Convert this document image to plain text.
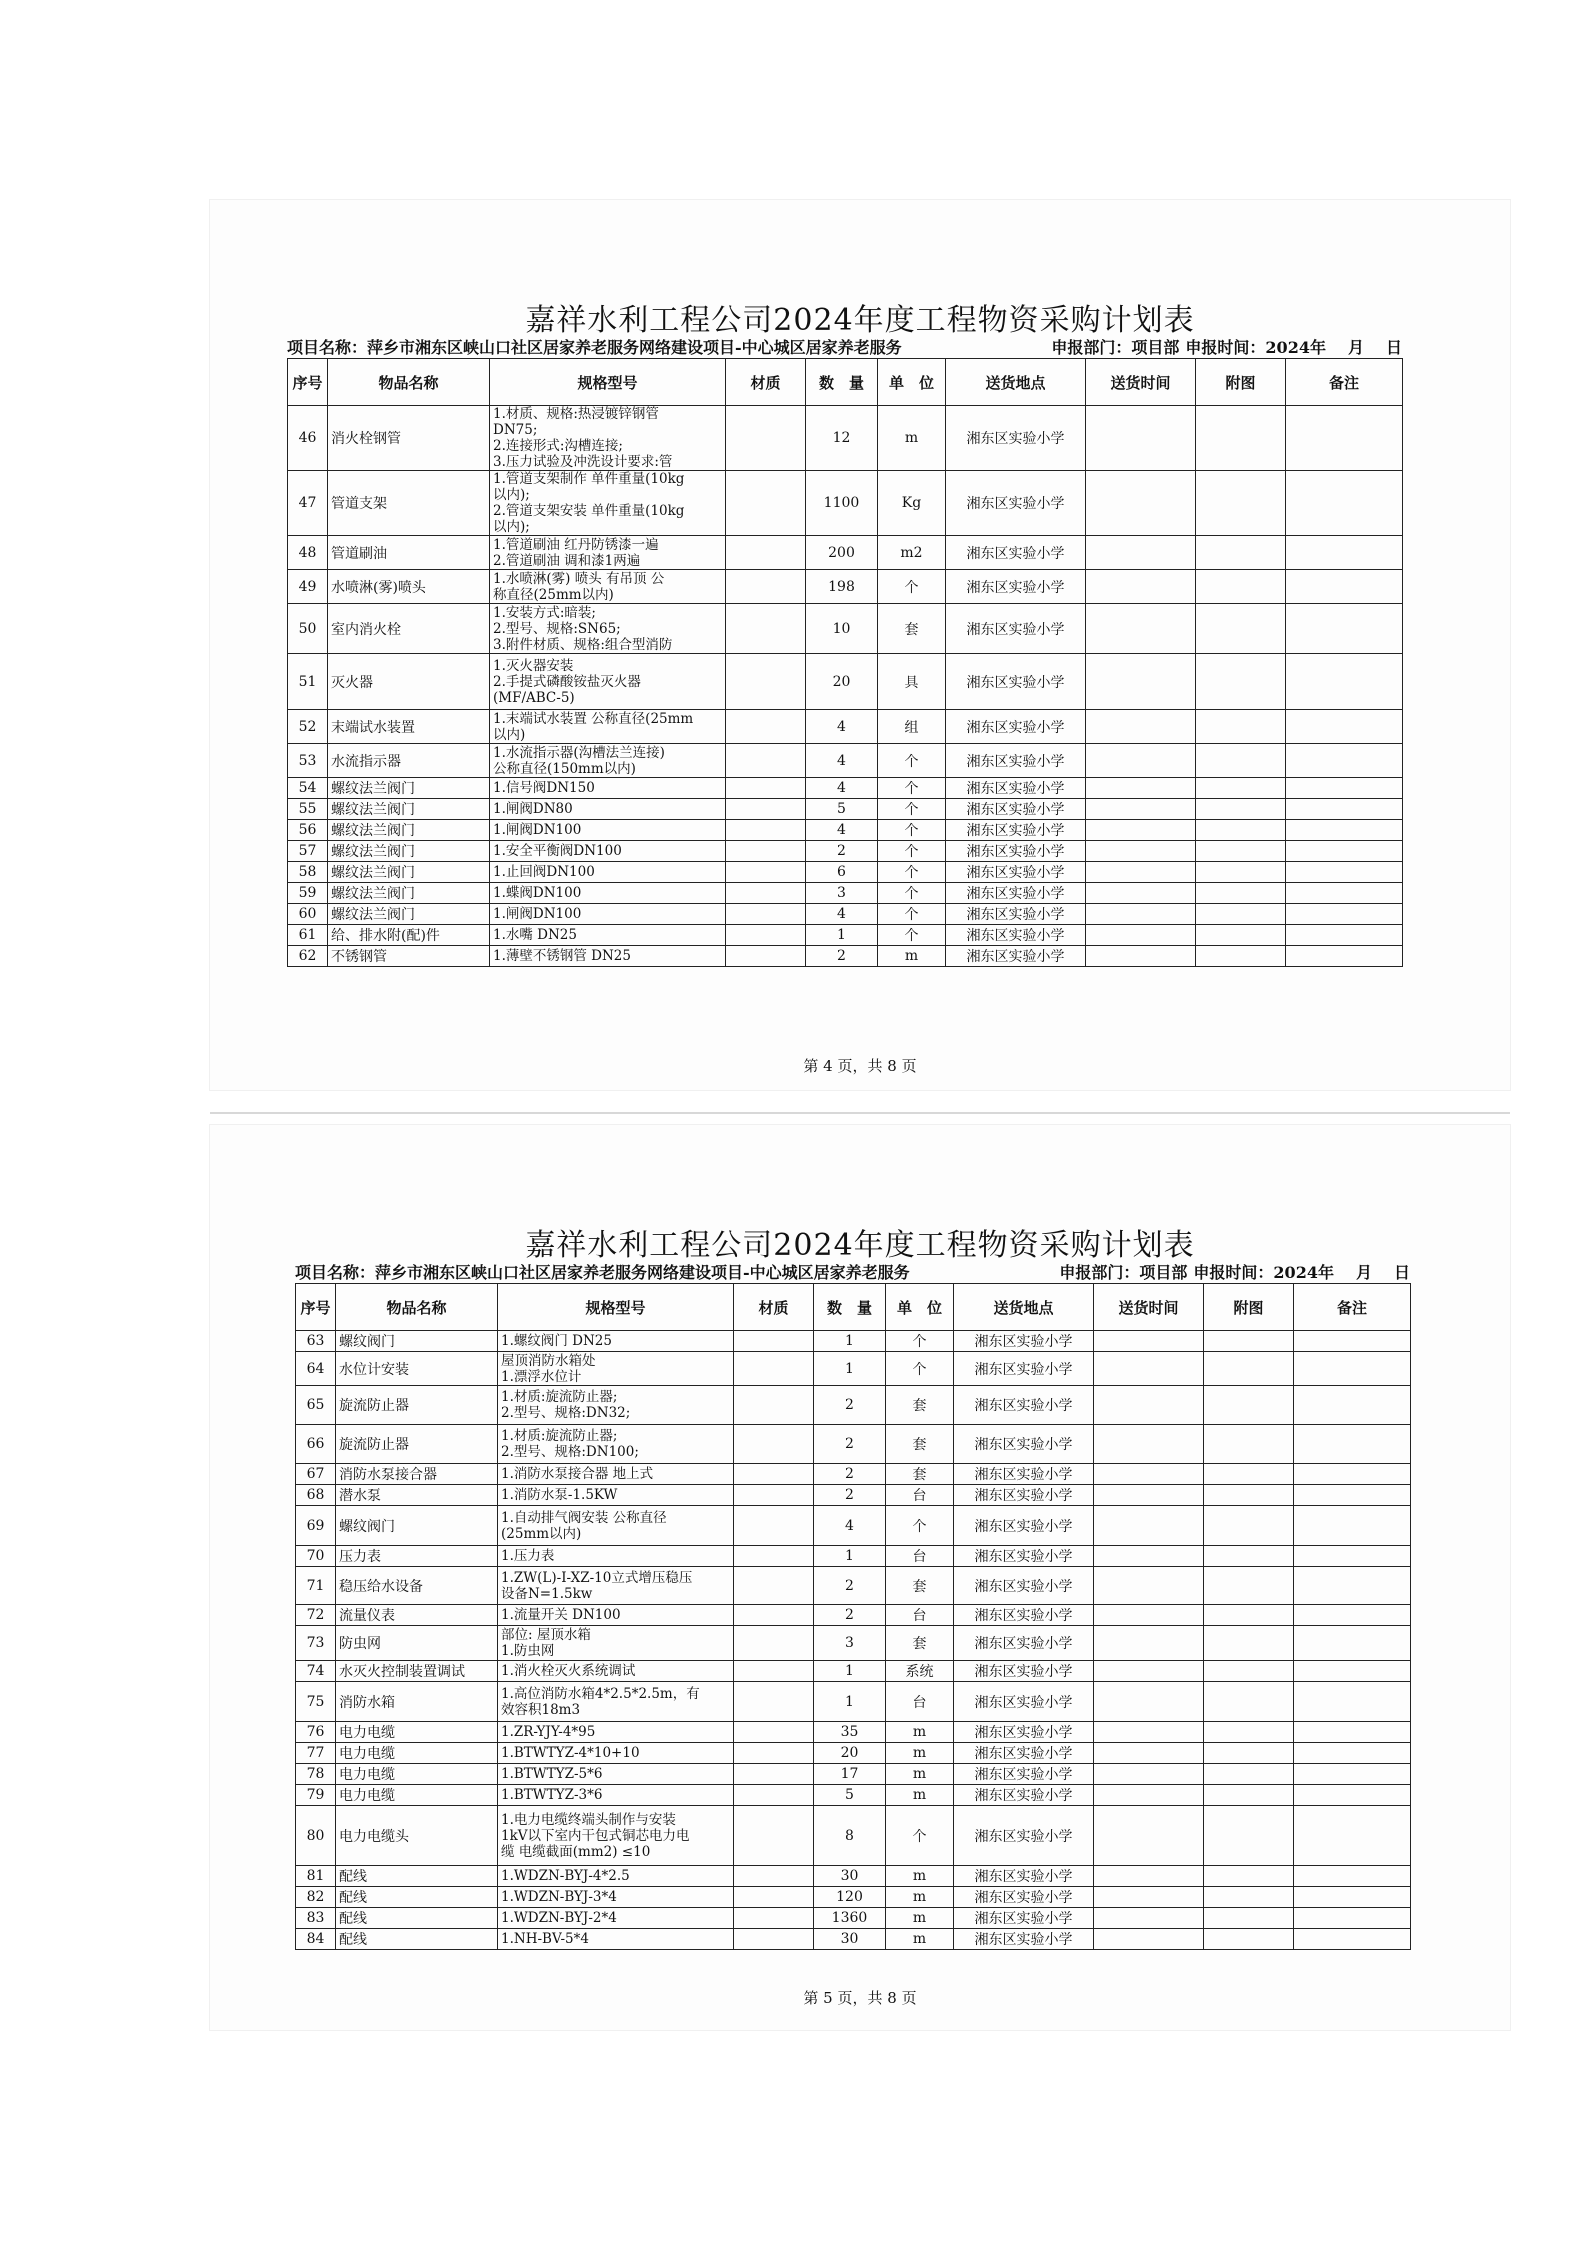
嘉祥水利工程公司2024年度工程物资采购计划表
项目名称：萍乡市湘东区峡山口社区居家养老服务网络建设项目-中心城区居家养老服务	申报部门：项目部 申报时间：2024年 月 日
序号	物品名称	规格型号	材质	数　量	单　位	送货地点	送货时间	附图	备注
46	消火栓钢管	1.材质、规格:热浸镀锌钢管
DN75;
2.连接形式:沟槽连接;
3.压力试验及冲洗设计要求:管		12	m	湘东区实验小学			
47	管道支架	1.管道支架制作 单件重量(10kg
以内);
2.管道支架安装 单件重量(10kg
以内);		1100	Kg	湘东区实验小学			
48	管道刷油	1.管道刷油 红丹防锈漆一遍
2.管道刷油 调和漆1两遍		200	m2	湘东区实验小学			
49	水喷淋(雾)喷头	1.水喷淋(雾) 喷头 有吊顶 公
称直径(25mm以内)		198	个	湘东区实验小学			
50	室内消火栓	1.安装方式:暗装;
2.型号、规格:SN65;
3.附件材质、规格:组合型消防		10	套	湘东区实验小学			
51	灭火器	1.灭火器安装
2.手提式磷酸铵盐灭火器
(MF/ABC-5)		20	具	湘东区实验小学			
52	末端试水装置	1.末端试水装置 公称直径(25mm
以内)		4	组	湘东区实验小学			
53	水流指示器	1.水流指示器(沟槽法兰连接)
公称直径(150mm以内)		4	个	湘东区实验小学			
54	螺纹法兰阀门	1.信号阀DN150		4	个	湘东区实验小学			
55	螺纹法兰阀门	1.闸阀DN80		5	个	湘东区实验小学			
56	螺纹法兰阀门	1.闸阀DN100		4	个	湘东区实验小学			
57	螺纹法兰阀门	1.安全平衡阀DN100		2	个	湘东区实验小学			
58	螺纹法兰阀门	1.止回阀DN100		6	个	湘东区实验小学			
59	螺纹法兰阀门	1.蝶阀DN100		3	个	湘东区实验小学			
60	螺纹法兰阀门	1.闸阀DN100		4	个	湘东区实验小学			
61	给、排水附(配)件	1.水嘴 DN25		1	个	湘东区实验小学			
62	不锈钢管	1.薄壁不锈钢管 DN25		2	m	湘东区实验小学			
第 4 页，共 8 页
嘉祥水利工程公司2024年度工程物资采购计划表
项目名称：萍乡市湘东区峡山口社区居家养老服务网络建设项目-中心城区居家养老服务	申报部门：项目部 申报时间：2024年 月 日
序号	物品名称	规格型号	材质	数　量	单　位	送货地点	送货时间	附图	备注
63	螺纹阀门	1.螺纹阀门 DN25		1	个	湘东区实验小学			
64	水位计安装	屋顶消防水箱处
1.漂浮水位计		1	个	湘东区实验小学			
65	旋流防止器	1.材质:旋流防止器;
2.型号、规格:DN32;		2	套	湘东区实验小学			
66	旋流防止器	1.材质:旋流防止器;
2.型号、规格:DN100;		2	套	湘东区实验小学			
67	消防水泵接合器	1.消防水泵接合器 地上式		2	套	湘东区实验小学			
68	潜水泵	1.消防水泵-1.5KW		2	台	湘东区实验小学			
69	螺纹阀门	1.自动排气阀安装 公称直径
(25mm以内)		4	个	湘东区实验小学			
70	压力表	1.压力表		1	台	湘东区实验小学			
71	稳压给水设备	1.ZW(L)-I-XZ-10立式增压稳压
设备N=1.5kw		2	套	湘东区实验小学			
72	流量仪表	1.流量开关 DN100		2	台	湘东区实验小学			
73	防虫网	部位: 屋顶水箱
1.防虫网		3	套	湘东区实验小学			
74	水灭火控制装置调试	1.消火栓灭火系统调试		1	系统	湘东区实验小学			
75	消防水箱	1.高位消防水箱4*2.5*2.5m，有
效容积18m3		1	台	湘东区实验小学			
76	电力电缆	1.ZR-YJY-4*95		35	m	湘东区实验小学			
77	电力电缆	1.BTWTYZ-4*10+10		20	m	湘东区实验小学			
78	电力电缆	1.BTWTYZ-5*6		17	m	湘东区实验小学			
79	电力电缆	1.BTWTYZ-3*6		5	m	湘东区实验小学			
80	电力电缆头	1.电力电缆终端头制作与安装
1kV以下室内干包式铜芯电力电
缆 电缆截面(mm2) ≤10		8	个	湘东区实验小学			
81	配线	1.WDZN-BYJ-4*2.5		30	m	湘东区实验小学			
82	配线	1.WDZN-BYJ-3*4		120	m	湘东区实验小学			
83	配线	1.WDZN-BYJ-2*4		1360	m	湘东区实验小学			
84	配线	1.NH-BV-5*4		30	m	湘东区实验小学			
第 5 页，共 8 页
